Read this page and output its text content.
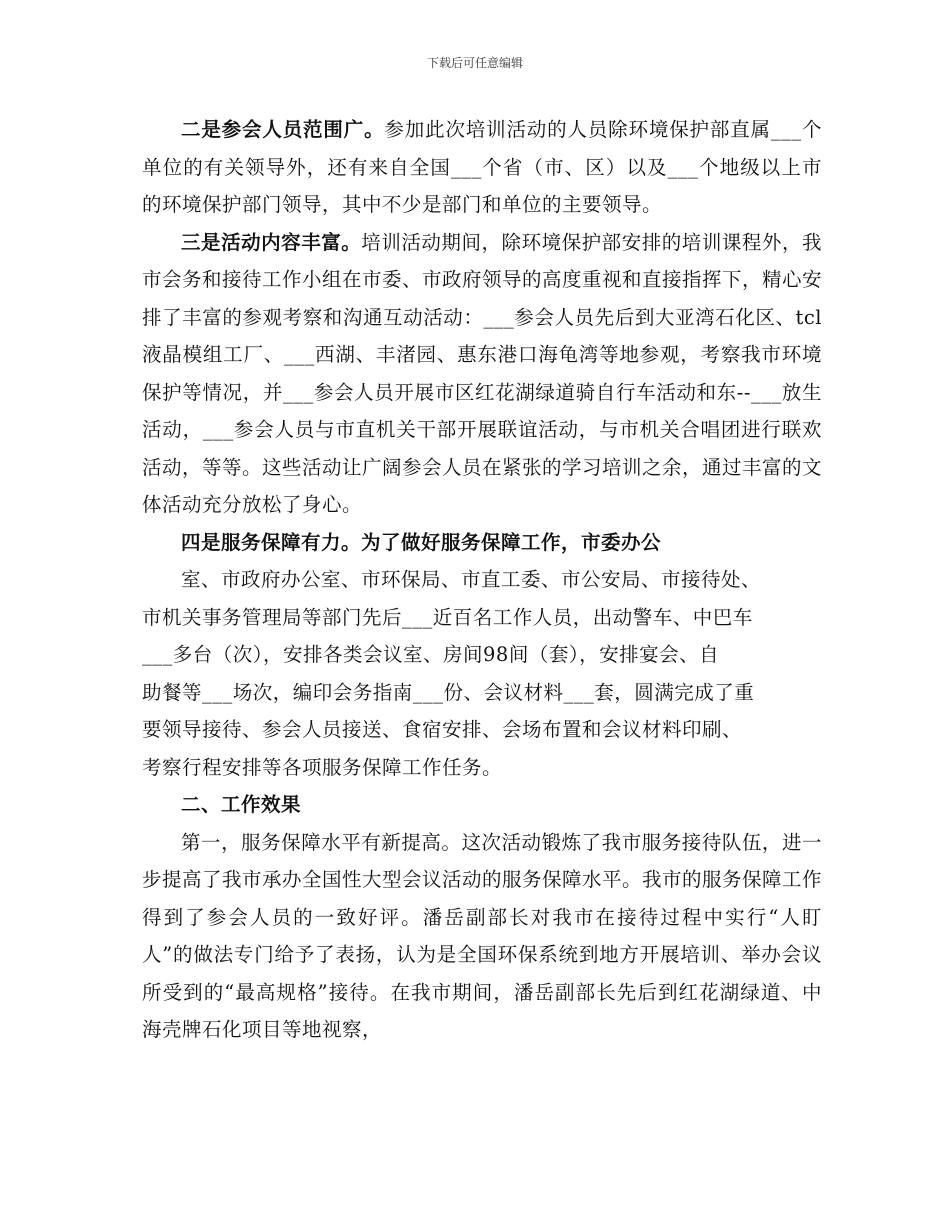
下载后可任意编辑

二是参会人员范围广。参加此次培训活动的人员除环境保护部直属___个单位的有关领导外，还有来自全国___个省（市、区）以及___个地级以上市的环境保护部门领导，其中不少是部门和单位的主要领导。

三是活动内容丰富。培训活动期间，除环境保护部安排的培训课程外，我市会务和接待工作小组在市委、市政府领导的高度重视和直接指挥下，精心安排了丰富的参观考察和沟通互动活动：___参会人员先后到大亚湾石化区、tcl液晶模组工厂、___西湖、丰渚园、惠东港口海龟湾等地参观，考察我市环境保护等情况，并___参会人员开展市区红花湖绿道骑自行车活动和东--___放生活动，___参会人员与市直机关干部开展联谊活动，与市机关合唱团进行联欢活动，等等。这些活动让广阔参会人员在紧张的学习培训之余，通过丰富的文体活动充分放松了身心。

四是服务保障有力。为了做好服务保障工作，市委办公
室、市政府办公室、市环保局、市直工委、市公安局、市接待处、
市机关事务管理局等部门先后___近百名工作人员，出动警车、中巴车
___多台（次），安排各类会议室、房间98间（套），安排宴会、自
助餐等___场次，编印会务指南___份、会议材料___套，圆满完成了重
要领导接待、参会人员接送、食宿安排、会场布置和会议材料印刷、
考察行程安排等各项服务保障工作任务。

二、工作效果

第一，服务保障水平有新提高。这次活动锻炼了我市服务接待队伍，进一步提高了我市承办全国性大型会议活动的服务保障水平。我市的服务保障工作得到了参会人员的一致好评。潘岳副部长对我市在接待过程中实行“人盯人”的做法专门给予了表扬，认为是全国环保系统到地方开展培训、举办会议所受到的“最高规格”接待。在我市期间，潘岳副部长先后到红花湖绿道、中海壳牌石化项目等地视察，
